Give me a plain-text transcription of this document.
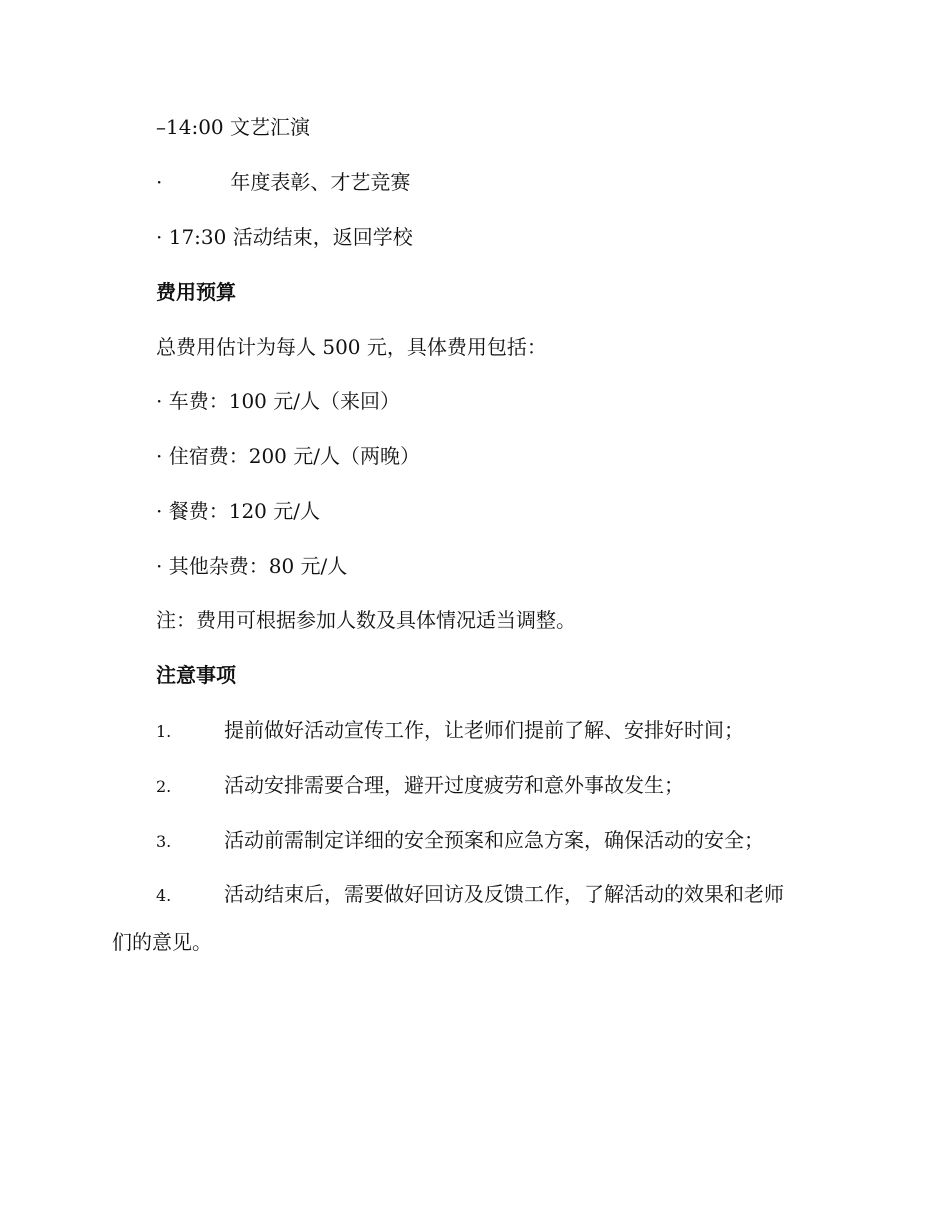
–14:00 文艺汇演
·	年度表彰、才艺竞赛
· 17:30 活动结束，返回学校
费用预算
总费用估计为每人 500 元，具体费用包括：
· 车费：100 元/人（来回）
· 住宿费：200 元/人（两晚）
· 餐费：120 元/人
· 其他杂费：80 元/人
注：费用可根据参加人数及具体情况适当调整。
注意事项
1.	提前做好活动宣传工作，让老师们提前了解、安排好时间；
2.	活动安排需要合理，避开过度疲劳和意外事故发生；
3.	活动前需制定详细的安全预案和应急方案，确保活动的安全；
4.	活动结束后，需要做好回访及反馈工作，了解活动的效果和老师
们的意见。
